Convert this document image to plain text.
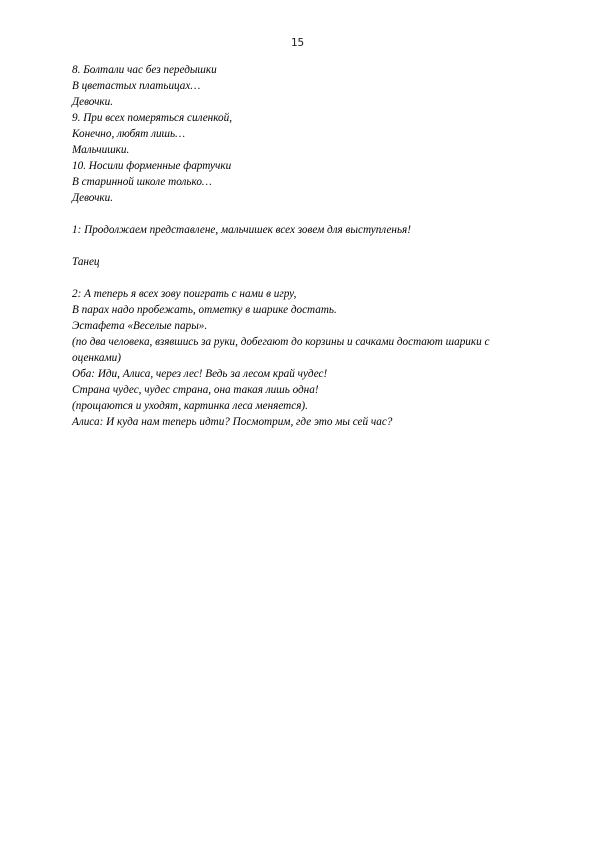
15

8. Болтали час без передышки

В цветастых платьицах…

Девочки.

9. При всех померяться силенкой,

Конечно, любят лишь…

Мальчишки.

10. Носили форменные фартучки

В старинной школе только…

Девочки.

1: Продолжаем представлене, мальчишек всех зовем для выступленья!

Танец

2: А теперь я всех зову поиграть с нами в игру,

В парах надо пробежать, отметку в шарике достать.

Эстафета «Веселые пары».

(по два человека, взявшись за руки, добегают до корзины и сачками достают шарики с

оценками)

Оба: Иди, Алиса, через лес! Ведь за лесом край чудес!

Страна чудес, чудес страна, она такая лишь одна!

(прощаются и уходят, картинка леса меняется).

Алиса: И куда нам теперь идти? Посмотрим, где это мы сей час?
